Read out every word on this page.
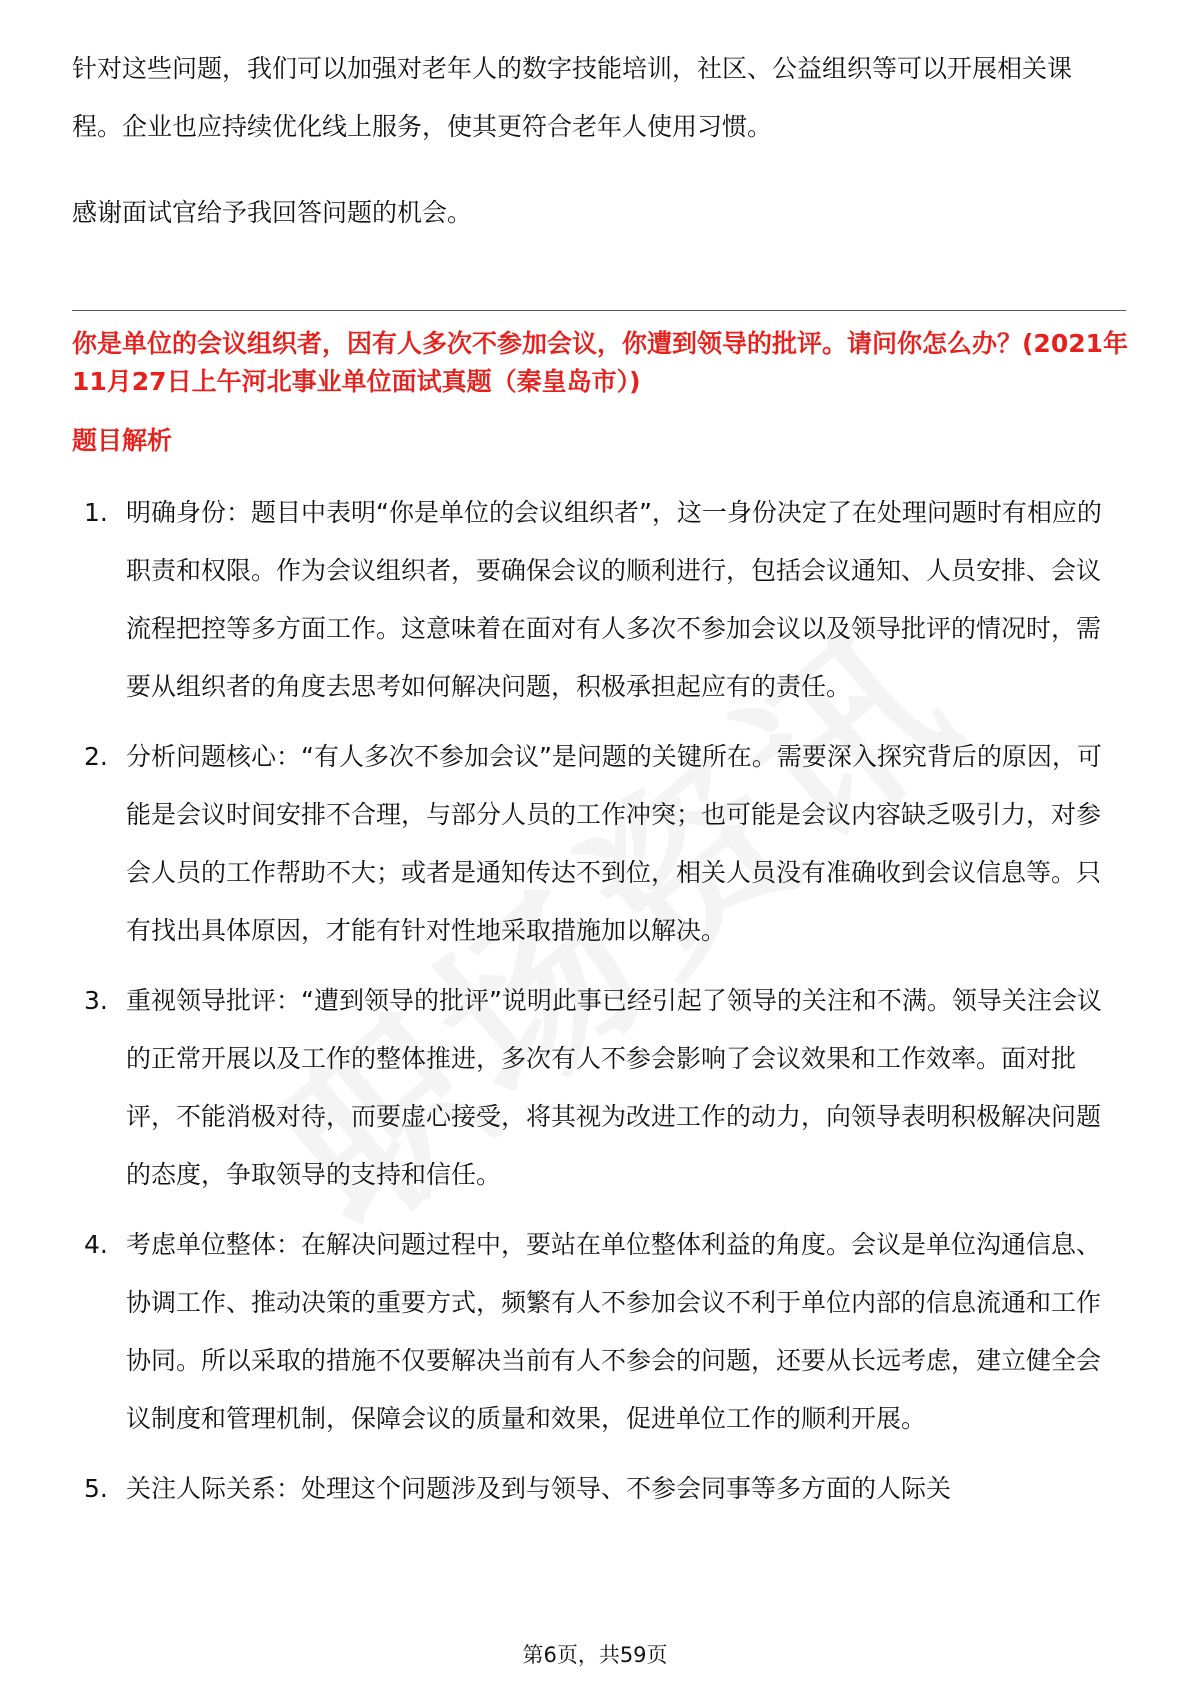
针对这些问题，我们可以加强对老年人的数字技能培训，社区、公益组织等可以开展相关课程。企业也应持续优化线上服务，使其更符合老年人使用习惯。

感谢面试官给予我回答问题的机会。

你是单位的会议组织者，因有人多次不参加会议，你遭到领导的批评。请问你怎么办？(2021年11月27日上午河北事业单位面试真题（秦皇岛市）)

题目解析

1. 明确身份：题目中表明“你是单位的会议组织者”，这一身份决定了在处理问题时有相应的职责和权限。作为会议组织者，要确保会议的顺利进行，包括会议通知、人员安排、会议流程把控等多方面工作。这意味着在面对有人多次不参加会议以及领导批评的情况时，需要从组织者的角度去思考如何解决问题，积极承担起应有的责任。

2. 分析问题核心：“有人多次不参加会议”是问题的关键所在。需要深入探究背后的原因，可能是会议时间安排不合理，与部分人员的工作冲突；也可能是会议内容缺乏吸引力，对参会人员的工作帮助不大；或者是通知传达不到位，相关人员没有准确收到会议信息等。只有找出具体原因，才能有针对性地采取措施加以解决。

3. 重视领导批评：“遭到领导的批评”说明此事已经引起了领导的关注和不满。领导关注会议的正常开展以及工作的整体推进，多次有人不参会影响了会议效果和工作效率。面对批评，不能消极对待，而要虚心接受，将其视为改进工作的动力，向领导表明积极解决问题的态度，争取领导的支持和信任。

4. 考虑单位整体：在解决问题过程中，要站在单位整体利益的角度。会议是单位沟通信息、协调工作、推动决策的重要方式，频繁有人不参加会议不利于单位内部的信息流通和工作协同。所以采取的措施不仅要解决当前有人不参会的问题，还要从长远考虑，建立健全会议制度和管理机制，保障会议的质量和效果，促进单位工作的顺利开展。

5. 关注人际关系：处理这个问题涉及到与领导、不参会同事等多方面的人际关

第6页，共59页
